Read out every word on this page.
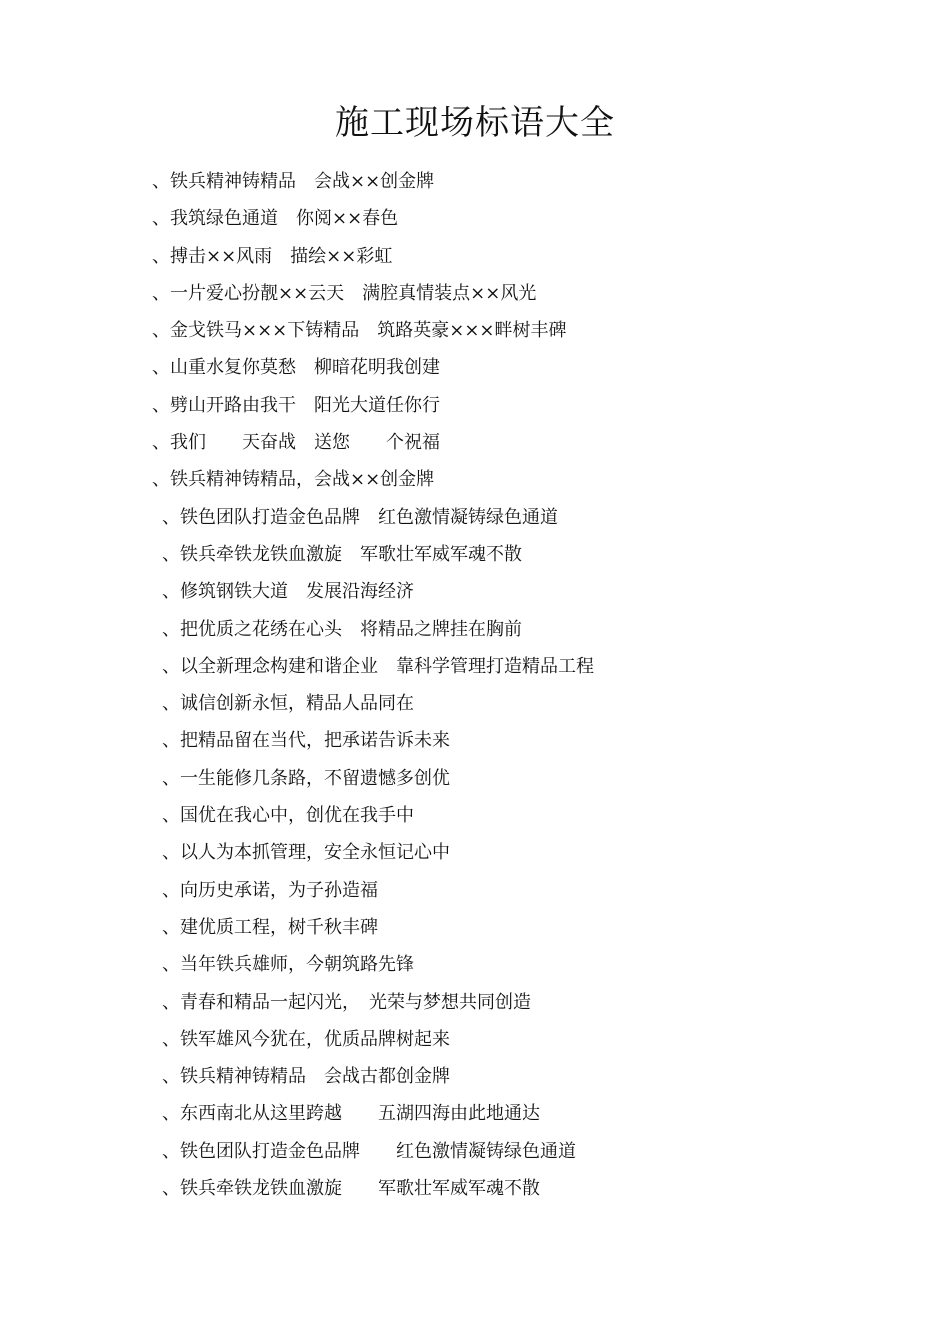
施工现场标语大全
、铁兵精神铸精品　会战××创金牌
、我筑绿色通道　你阅××春色
、搏击××风雨　描绘××彩虹
、一片爱心扮靓××云天　满腔真情装点××风光
、金戈铁马×××下铸精品　筑路英豪×××畔树丰碑
、山重水复你莫愁　柳暗花明我创建
、劈山开路由我干　阳光大道任你行
、我们　　天奋战　送您　　个祝福
、铁兵精神铸精品，会战××创金牌
、铁色团队打造金色品牌　红色激情凝铸绿色通道
、铁兵牵铁龙铁血激旋　军歌壮军威军魂不散
、修筑钢铁大道　发展沿海经济
、把优质之花绣在心头　将精品之牌挂在胸前
、以全新理念构建和谐企业　靠科学管理打造精品工程
、诚信创新永恒，精品人品同在
、把精品留在当代，把承诺告诉未来
、一生能修几条路，不留遗憾多创优
、国优在我心中，创优在我手中
、以人为本抓管理，安全永恒记心中
、向历史承诺，为子孙造福
、建优质工程，树千秋丰碑
、当年铁兵雄师，今朝筑路先锋
、青春和精品一起闪光，　光荣与梦想共同创造
、铁军雄风今犹在，优质品牌树起来
、铁兵精神铸精品　会战古都创金牌
、东西南北从这里跨越　　五湖四海由此地通达
、铁色团队打造金色品牌　　红色激情凝铸绿色通道
、铁兵牵铁龙铁血激旋　　军歌壮军威军魂不散
